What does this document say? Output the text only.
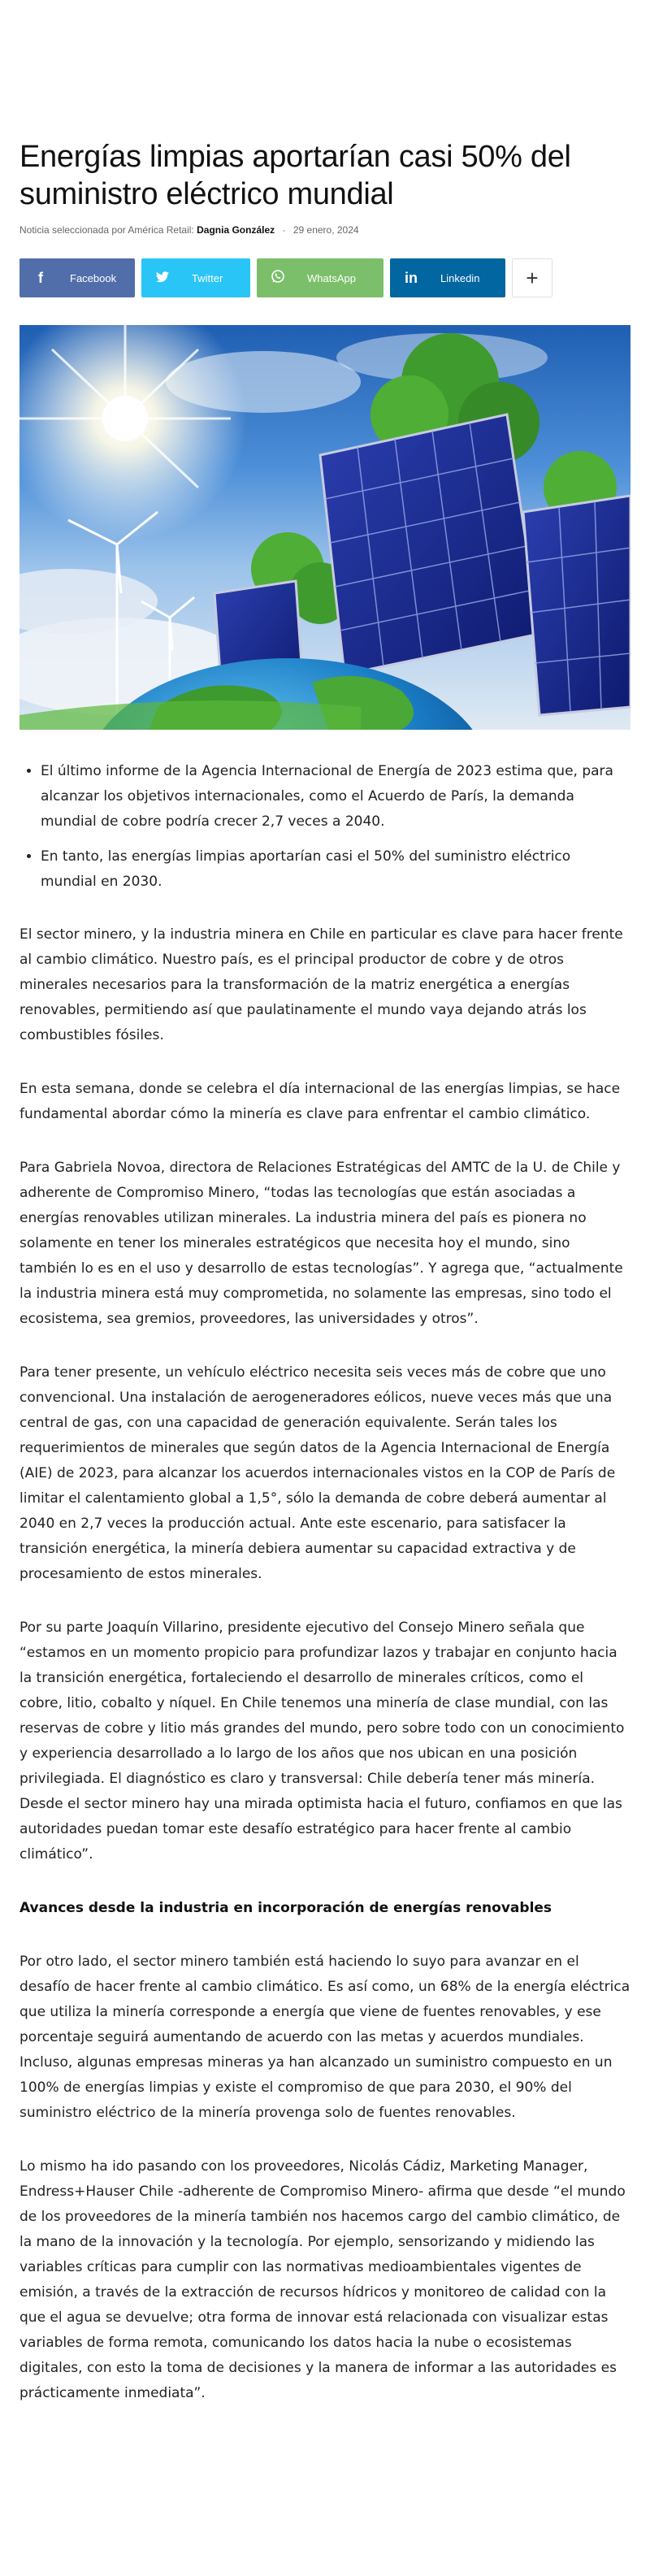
Energías limpias aportarían casi 50% del suministro eléctrico mundial
Noticia seleccionada por América Retail: Dagnia González - 29 enero, 2024
f	Facebook	Twitter	WhatsApp	in	Linkedin	+
• El último informe de la Agencia Internacional de Energía de 2023 estima que, para alcanzar los objetivos internacionales, como el Acuerdo de París, la demanda mundial de cobre podría crecer 2,7 veces a 2040.
• En tanto, las energías limpias aportarían casi el 50% del suministro eléctrico mundial en 2030.

El sector minero, y la industria minera en Chile en particular es clave para hacer frente al cambio climático. Nuestro país, es el principal productor de cobre y de otros minerales necesarios para la transformación de la matriz energética a energías renovables, permitiendo así que paulatinamente el mundo vaya dejando atrás los combustibles fósiles.

En esta semana, donde se celebra el día internacional de las energías limpias, se hace fundamental abordar cómo la minería es clave para enfrentar el cambio climático.

Para Gabriela Novoa, directora de Relaciones Estratégicas del AMTC de la U. de Chile y adherente de Compromiso Minero, “todas las tecnologías que están asociadas a energías renovables utilizan minerales. La industria minera del país es pionera no solamente en tener los minerales estratégicos que necesita hoy el mundo, sino también lo es en el uso y desarrollo de estas tecnologías”. Y agrega que, “actualmente la industria minera está muy comprometida, no solamente las empresas, sino todo el ecosistema, sea gremios, proveedores, las universidades y otros”.

Para tener presente, un vehículo eléctrico necesita seis veces más de cobre que uno convencional. Una instalación de aerogeneradores eólicos, nueve veces más que una central de gas, con una capacidad de generación equivalente. Serán tales los requerimientos de minerales que según datos de la Agencia Internacional de Energía (AIE) de 2023, para alcanzar los acuerdos internacionales vistos en la COP de París de limitar el calentamiento global a 1,5°, sólo la demanda de cobre deberá aumentar al 2040 en 2,7 veces la producción actual. Ante este escenario, para satisfacer la transición energética, la minería debiera aumentar su capacidad extractiva y de procesamiento de estos minerales.

Por su parte Joaquín Villarino, presidente ejecutivo del Consejo Minero señala que “estamos en un momento propicio para profundizar lazos y trabajar en conjunto hacia la transición energética, fortaleciendo el desarrollo de minerales críticos, como el cobre, litio, cobalto y níquel. En Chile tenemos una minería de clase mundial, con las reservas de cobre y litio más grandes del mundo, pero sobre todo con un conocimiento y experiencia desarrollado a lo largo de los años que nos ubican en una posición privilegiada. El diagnóstico es claro y transversal: Chile debería tener más minería. Desde el sector minero hay una mirada optimista hacia el futuro, confiamos en que las autoridades puedan tomar este desafío estratégico para hacer frente al cambio climático”.

Avances desde la industria en incorporación de energías renovables

Por otro lado, el sector minero también está haciendo lo suyo para avanzar en el desafío de hacer frente al cambio climático. Es así como, un 68% de la energía eléctrica que utiliza la minería corresponde a energía que viene de fuentes renovables, y ese porcentaje seguirá aumentando de acuerdo con las metas y acuerdos mundiales. Incluso, algunas empresas mineras ya han alcanzado un suministro compuesto en un 100% de energías limpias y existe el compromiso de que para 2030, el 90% del suministro eléctrico de la minería provenga solo de fuentes renovables.

Lo mismo ha ido pasando con los proveedores, Nicolás Cádiz, Marketing Manager, Endress+Hauser Chile -adherente de Compromiso Minero- afirma que desde “el mundo de los proveedores de la minería también nos hacemos cargo del cambio climático, de la mano de la innovación y la tecnología. Por ejemplo, sensorizando y midiendo las variables críticas para cumplir con las normativas medioambientales vigentes de emisión, a través de la extracción de recursos hídricos y monitoreo de calidad con la que el agua se devuelve; otra forma de innovar está relacionada con visualizar estas variables de forma remota, comunicando los datos hacia la nube o ecosistemas digitales, con esto la toma de decisiones y la manera de informar a las autoridades es prácticamente inmediata”.
